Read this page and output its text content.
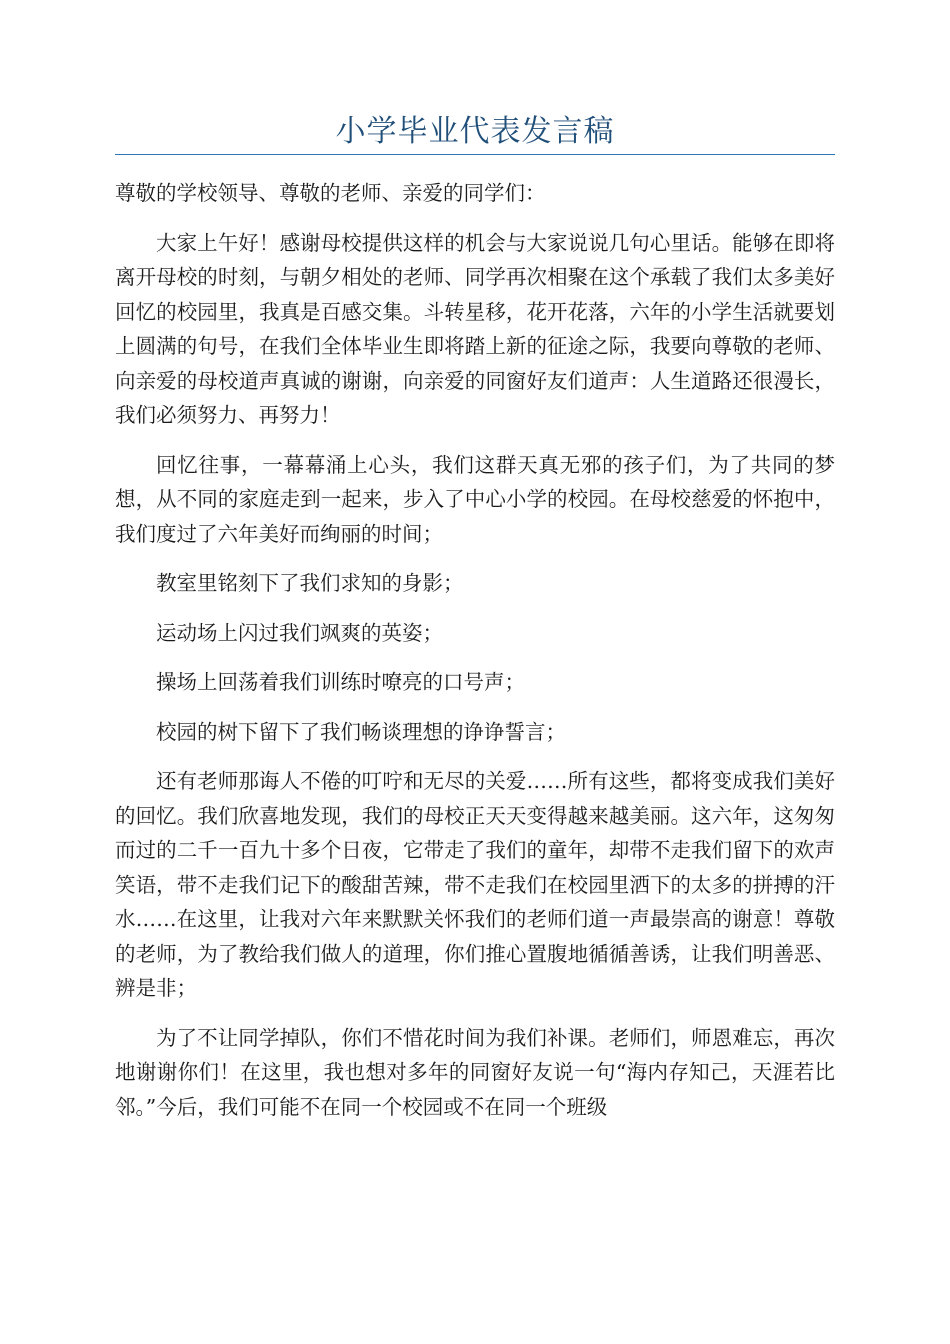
小学毕业代表发言稿

尊敬的学校领导、尊敬的老师、亲爱的同学们：

大家上午好！感谢母校提供这样的机会与大家说说几句心里话。能够在即将离开母校的时刻，与朝夕相处的老师、同学再次相聚在这个承载了我们太多美好回忆的校园里，我真是百感交集。斗转星移，花开花落，六年的小学生活就要划上圆满的句号，在我们全体毕业生即将踏上新的征途之际，我要向尊敬的老师、向亲爱的母校道声真诚的谢谢，向亲爱的同窗好友们道声：人生道路还很漫长，我们必须努力、再努力！

回忆往事，一幕幕涌上心头，我们这群天真无邪的孩子们，为了共同的梦想，从不同的家庭走到一起来，步入了中心小学的校园。在母校慈爱的怀抱中，我们度过了六年美好而绚丽的时间；

教室里铭刻下了我们求知的身影；

运动场上闪过我们飒爽的英姿；

操场上回荡着我们训练时嘹亮的口号声；

校园的树下留下了我们畅谈理想的诤诤誓言；

还有老师那诲人不倦的叮咛和无尽的关爱……所有这些，都将变成我们美好的回忆。我们欣喜地发现，我们的母校正天天变得越来越美丽。这六年，这匆匆而过的二千一百九十多个日夜，它带走了我们的童年，却带不走我们留下的欢声笑语，带不走我们记下的酸甜苦辣，带不走我们在校园里洒下的太多的拼搏的汗水……在这里，让我对六年来默默关怀我们的老师们道一声最崇高的谢意！尊敬的老师，为了教给我们做人的道理，你们推心置腹地循循善诱，让我们明善恶、辨是非；

为了不让同学掉队，你们不惜花时间为我们补课。老师们，师恩难忘，再次地谢谢你们！在这里，我也想对多年的同窗好友说一句“海内存知己，天涯若比邻。”今后，我们可能不在同一个校园或不在同一个班级
